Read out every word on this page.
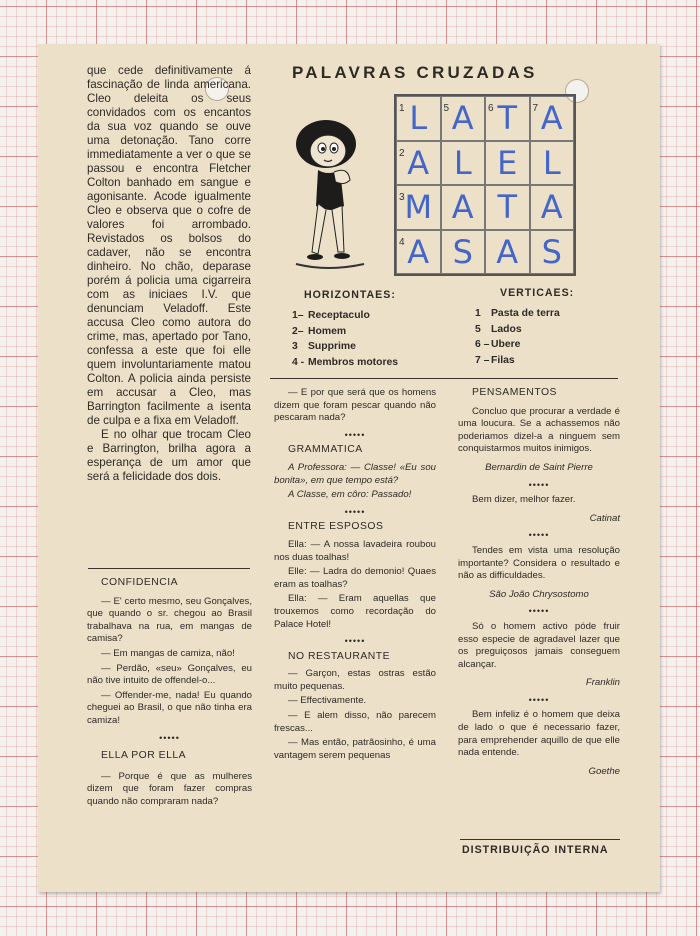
PALAVRAS CRUZADAS

que cede definitivamente á fascinação de linda americana. Cleo deleita os seus convidados com os encantos da sua voz quando se ouve uma detonação. Tano corre immediatamente a ver o que se passou e encontra Fletcher Colton banhado em sangue e agonisante. Acode igualmente Cleo e observa que o cofre de valores foi arrombado. Revistados os bolsos do cadaver, não se encontra dinheiro. No chão, deparase porém á policia uma cigarreira com as iniciaes I.V. que denunciam Veladoff. Este accusa Cleo como autora do crime, mas, apertado por Tano, confessa a este que foi elle quem involuntariamente matou Colton. A policia ainda persiste em accusar a Cleo, mas Barrington facilmente a isenta de culpa e a fixa em Veladoff.

E no olhar que trocam Cleo e Barrington, brilha agora a esperança de um amor que será a felicidade dos dois.

1 L 5 A 6 T 7 A
2 A L E L
3 M A T A
4 A S A S
HORIZONTAES:
1– Receptaculo
2– Homem
3 Supprime
4 - Membros motores
VERTICAES:
1 Pasta de terra
5 Lados
6 – Ubere
7 – Filas

CONFIDENCIA

— E' certo mesmo, seu Gonçalves, que quando o sr. chegou ao Brasil trabalhava na rua, em mangas de camisa?

— Em mangas de camiza, não!

— Perdão, «seu» Gonçalves, eu não tive intuito de offendel-o...

— Offender-me, nada! Eu quando cheguei ao Brasil, o que não tinha era camiza!

•••••

ELLA POR ELLA

— Porque é que as mulheres dizem que foram fazer compras quando não compraram nada?

— E por que será que os homens dizem que foram pescar quando não pescaram nada?

•••••

GRAMMATICA

A Professora: — Classe! «Eu sou bonita», em que tempo está?

A Classe, em côro: Passado!

•••••

ENTRE ESPOSOS

Ella: — A nossa lavadeira roubou nos duas toalhas!

Elle: — Ladra do demonio! Quaes eram as toalhas?

Ella: — Eram aquellas que trouxemos como recordação do Palace Hotel!

•••••

NO RESTAURANTE

— Garçon, estas ostras estão muito pequenas.

— Effectivamente.

— E alem disso, não parecem frescas...

— Mas então, patrãosinho, é uma vantagem serem pequenas

PENSAMENTOS

Concluo que procurar a verdade é uma loucura. Se a achassemos não poderiamos dizel-a a ninguem sem conquistarmos muitos inimigos.

Bernardin de Saint Pierre
•••••

Bem dizer, melhor fazer.

Catinat
•••••

Tendes em vista uma resolução importante? Considera o resultado e não as difficuldades.

São João Chrysostomo
•••••

Só o homem activo póde fruir esso especie de agradavel lazer que os preguiçosos jamais conseguem alcançar.

Franklin
•••••

Bem infeliz é o homem que deixa de lado o que é necessario fazer, para emprehender aquillo de que elle nada entende.

Goethe
DISTRIBUIÇÃO INTERNA
